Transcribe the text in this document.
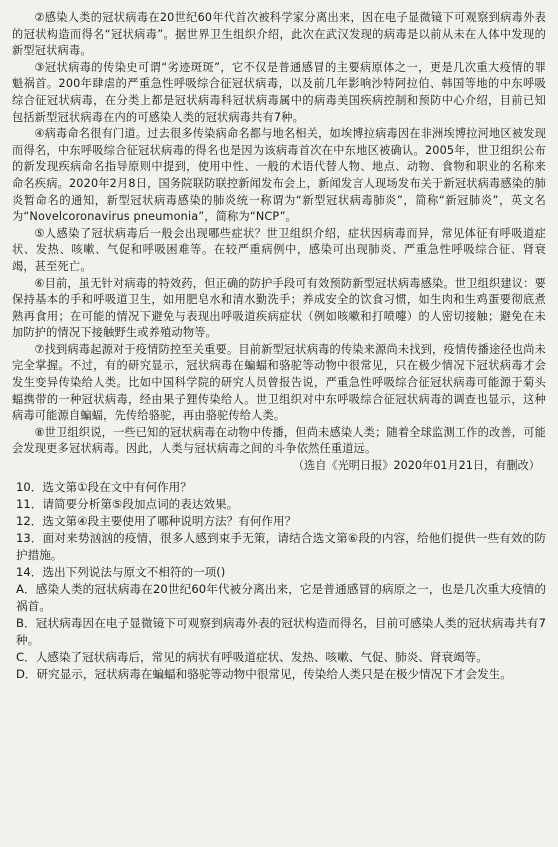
②感染人类的冠状病毒在20世纪60年代首次被科学家分离出来，因在电子显微镜下可观察到病毒外表的冠状构造而得名“冠状病毒”。据世界卫生组织介绍，此次在武汉发现的病毒是以前从未在人体中发现的新型冠状病毒。

③冠状病毒的传染史可谓“劣迹斑斑”，它不仅是普通感冒的主要病原体之一，更是几次重大疫情的罪魁祸首。200年肆虐的严重急性呼吸综合征冠状病毒，以及前几年影响沙特阿拉伯、韩国等地的中东呼吸综合征冠状病毒，在分类上都是冠状病毒科冠状病毒属中的病毒美国疾病控制和预防中心介绍，目前已知包括新型冠状病毒在内的可感染人类的冠状病毒共有7种。

④病毒命名很有门道。过去很多传染病命名都与地名相关，如埃博拉病毒因在非洲埃博拉河地区被发现而得名，中东呼吸综合征冠状病毒的得名也是因为该病毒首次在中东地区被确认。2005年，世卫组织公布的新发现疾病命名指导原则中提到，使用中性、一般的术语代替人物、地点、动物、食物和职业的名称来命名疾病。2020年2月8日，国务院联防联控新闻发布会上，新闻发言人现场发布关于新冠状病毒感染的肺炎暂命名的通知，新型冠状病毒感染的肺炎统一称谓为“新型冠状病毒肺炎”，简称“新冠肺炎”，英文名为“Novelcoronavirus pneumonia”，简称为“NCP”。

⑤人感染了冠状病毒后一般会出现哪些症状？世卫组织介绍，症状因病毒而异，常见体征有呼吸道症状、发热、咳嗽、气促和呼吸困难等。在较严重病例中，感染可出现肺炎、严重急性呼吸综合征、肾衰竭，甚至死亡。

⑥目前，虽无针对病毒的特效药，但正确的防护手段可有效预防新型冠状病毒感染。世卫组织建议：要保持基本的手和呼吸道卫生，如用肥皂水和清水勤洗手；养成安全的饮食习惯，如生肉和生鸡蛋要彻底煮熟再食用；在可能的情况下避免与表现出呼吸道疾病症状（例如咳嗽和打喷嚏）的人密切接触；避免在未加防护的情况下接触野生或养殖动物等。

⑦找到病毒起源对于疫情防控至关重要。目前新型冠状病毒的传染来源尚未找到，疫情传播途径也尚未完全掌握。不过，有的研究显示，冠状病毒在蝙蝠和骆驼等动物中很常见，只在极少情况下冠状病毒才会发生变异传染给人类。比如中国科学院的研究人员曾报告说，严重急性呼吸综合征冠状病毒可能源于菊头蝠携带的一种冠状病毒，经由果子狸传染给人。世卫组织对中东呼吸综合征冠状病毒的调查也显示，这种病毒可能源自蝙蝠，先传给骆驼，再由骆驼传给人类。

⑧世卫组织说，一些已知的冠状病毒在动物中传播，但尚未感染人类；随着全球监测工作的改善，可能会发现更多冠状病毒。因此，人类与冠状病毒之间的斗争依然任重道远。

（选自《光明日报》2020年01月21日，有删改）

10．选文第①段在文中有何作用？

11．请简要分析第⑤段加点词的表达效果。

12．选文第④段主要使用了哪种说明方法？有何作用？

13．面对来势汹汹的疫情，很多人感到束手无策，请结合选文第⑥段的内容，给他们提供一些有效的防护措施。

14．选出下列说法与原文不相符的一项()

A．感染人类的冠状病毒在20世纪60年代被分离出来，它是普通感冒的病原之一，也是几次重大疫情的祸首。

B．冠状病毒因在电子显微镜下可观察到病毒外表的冠状构造而得名，目前可感染人类的冠状病毒共有7种。

C．人感染了冠状病毒后，常见的病状有呼吸道症状、发热、咳嗽、气促、肺炎、肾衰竭等。

D．研究显示，冠状病毒在蝙蝠和骆驼等动物中很常见，传染给人类只是在极少情况下才会发生。
